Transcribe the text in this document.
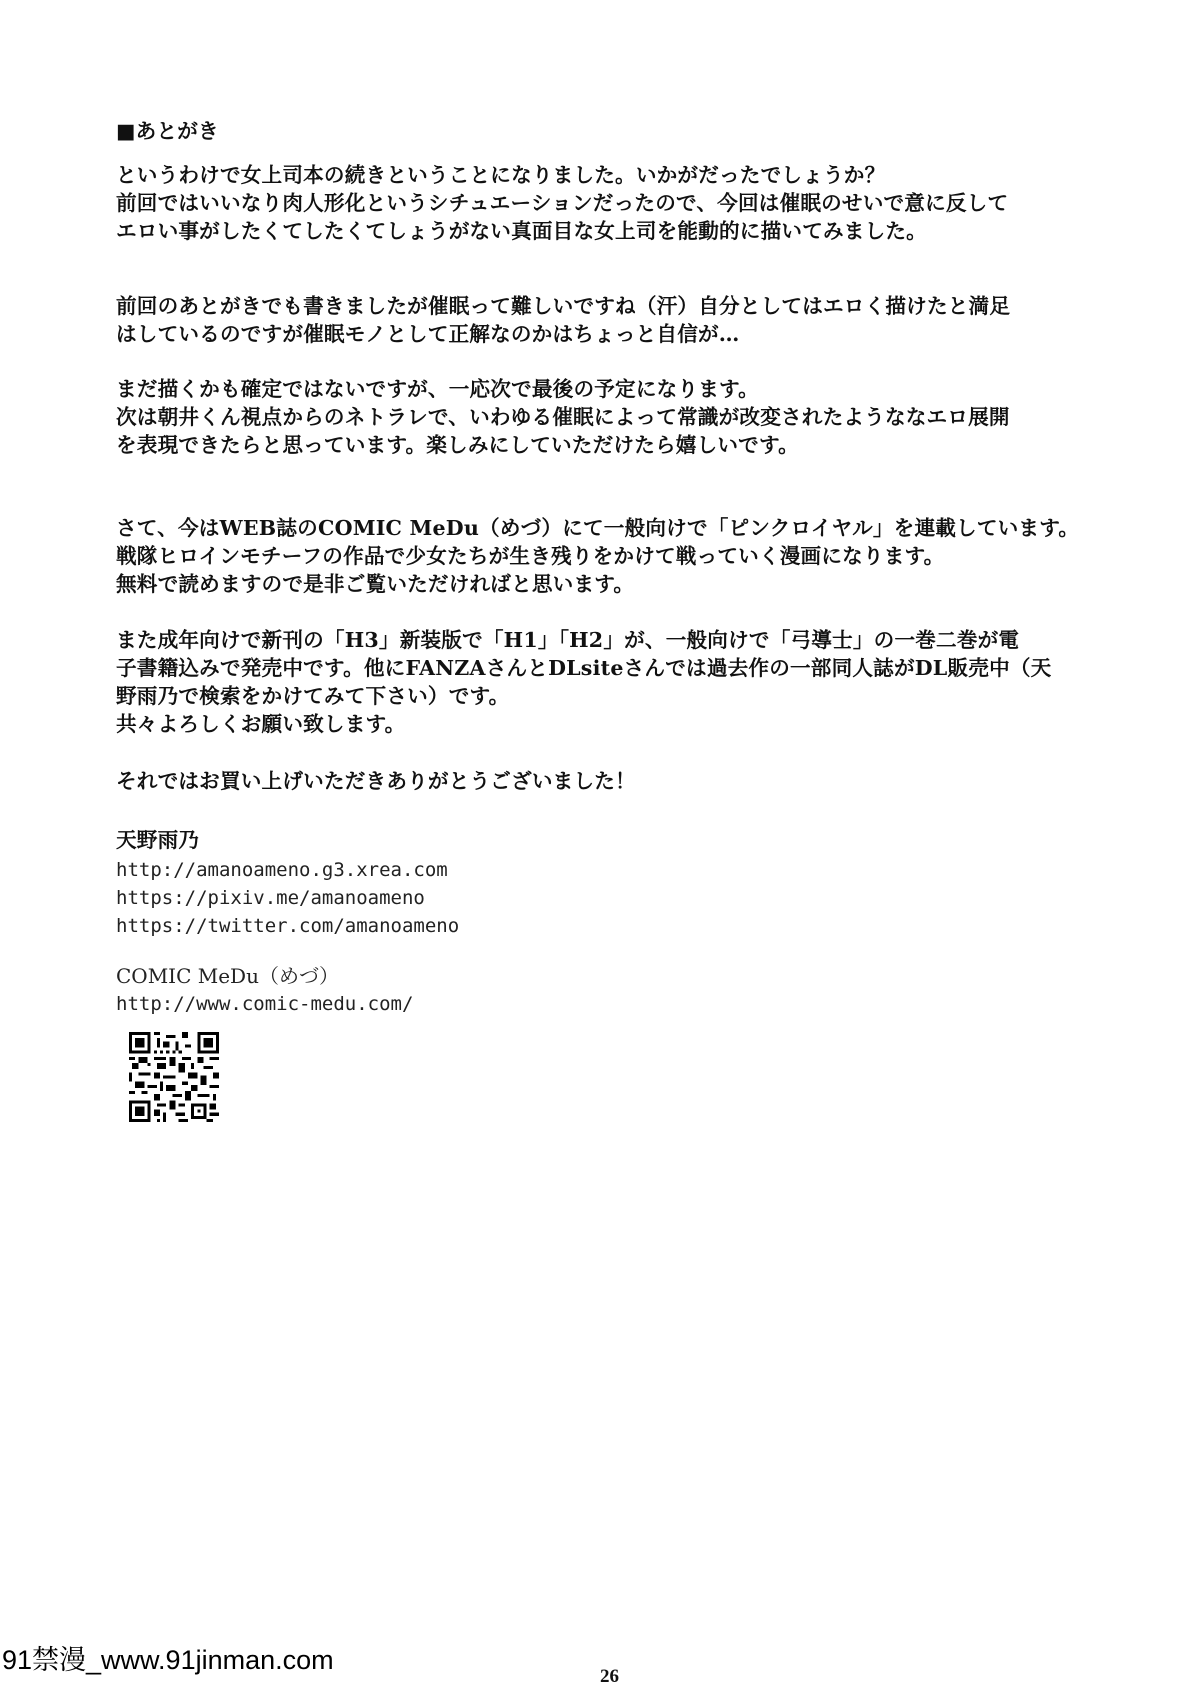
■あとがき
というわけで女上司本の続きということになりました。いかがだったでしょうか？
前回ではいいなり肉人形化というシチュエーションだったので、今回は催眠のせいで意に反して
エロい事がしたくてしたくてしょうがない真面目な女上司を能動的に描いてみました。
前回のあとがきでも書きましたが催眠って難しいですね（汗）自分としてはエロく描けたと満足
はしているのですが催眠モノとして正解なのかはちょっと自信が…
まだ描くかも確定ではないですが、一応次で最後の予定になります。
次は朝井くん視点からのネトラレで、いわゆる催眠によって常識が改変されたようななエロ展開
を表現できたらと思っています。楽しみにしていただけたら嬉しいです。
さて、今はWEB誌のCOMIC MeDu（めづ）にて一般向けで「ピンクロイヤル」を連載しています。
戦隊ヒロインモチーフの作品で少女たちが生き残りをかけて戦っていく漫画になります。
無料で読めますので是非ご覧いただければと思います。
また成年向けで新刊の「H3」新装版で「H1」「H2」が、一般向けで「弓導士」の一巻二巻が電
子書籍込みで発売中です。他にFANZAさんとDLsiteさんでは過去作の一部同人誌がDL販売中（天
野雨乃で検索をかけてみて下さい）です。
共々よろしくお願い致します。
それではお買い上げいただきありがとうございました！
天野雨乃
http://amanoameno.g3.xrea.com
https://pixiv.me/amanoameno
https://twitter.com/amanoameno
COMIC MeDu（めづ）
http://www.comic-medu.com/
91禁漫_www.91jinman.com
26
